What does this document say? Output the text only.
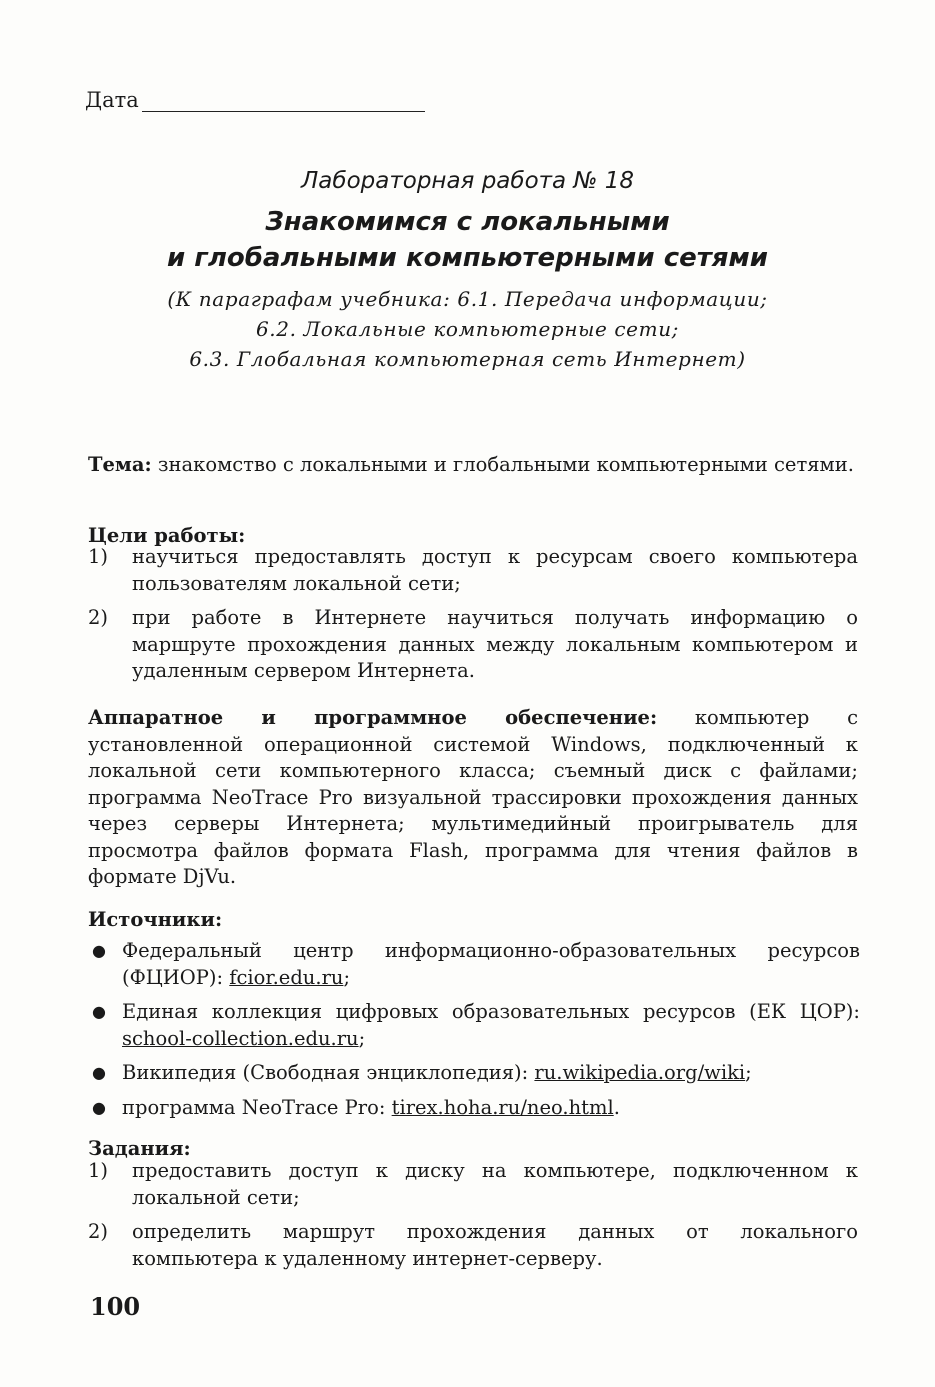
Дата
Лабораторная работа № 18
Знакомимся с локальными
и глобальными компьютерными сетями
(К параграфам учебника: 6.1. Передача информации;
6.2. Локальные компьютерные сети;
6.3. Глобальная компьютерная сеть Интернет)
Тема: знакомство с локальными и глобальными компьютерными сетями.
Цели работы:
1)	научиться предоставлять доступ к ресурсам своего компьютера пользователям локальной сети;
2)	при работе в Интернете научиться получать информацию о маршруте прохождения данных между локальным компьютером и удаленным сервером Интернета.
Аппаратное и программное обеспечение: компьютер с установленной операционной системой Windows, подключенный к локальной сети компьютерного класса; съемный диск с файлами; программа NeoTrace Pro визуальной трассировки прохождения данных через серверы Интернета; мультимедийный проигрыватель для просмотра файлов формата Flash, программа для чтения файлов в формате DjVu.
Источники:
● Федеральный центр информационно-образовательных ресурсов (ФЦИОР): fcior.edu.ru;
● Единая коллекция цифровых образовательных ресурсов (ЕК ЦОР): school-collection.edu.ru;
● Википедия (Свободная энциклопедия): ru.wikipedia.org/wiki;
● программа NeoTrace Pro: tirex.hoha.ru/neo.html.
Задания:
1)	предоставить доступ к диску на компьютере, подключенном к локальной сети;
2)	определить маршрут прохождения данных от локального компьютера к удаленному интернет-серверу.
100
